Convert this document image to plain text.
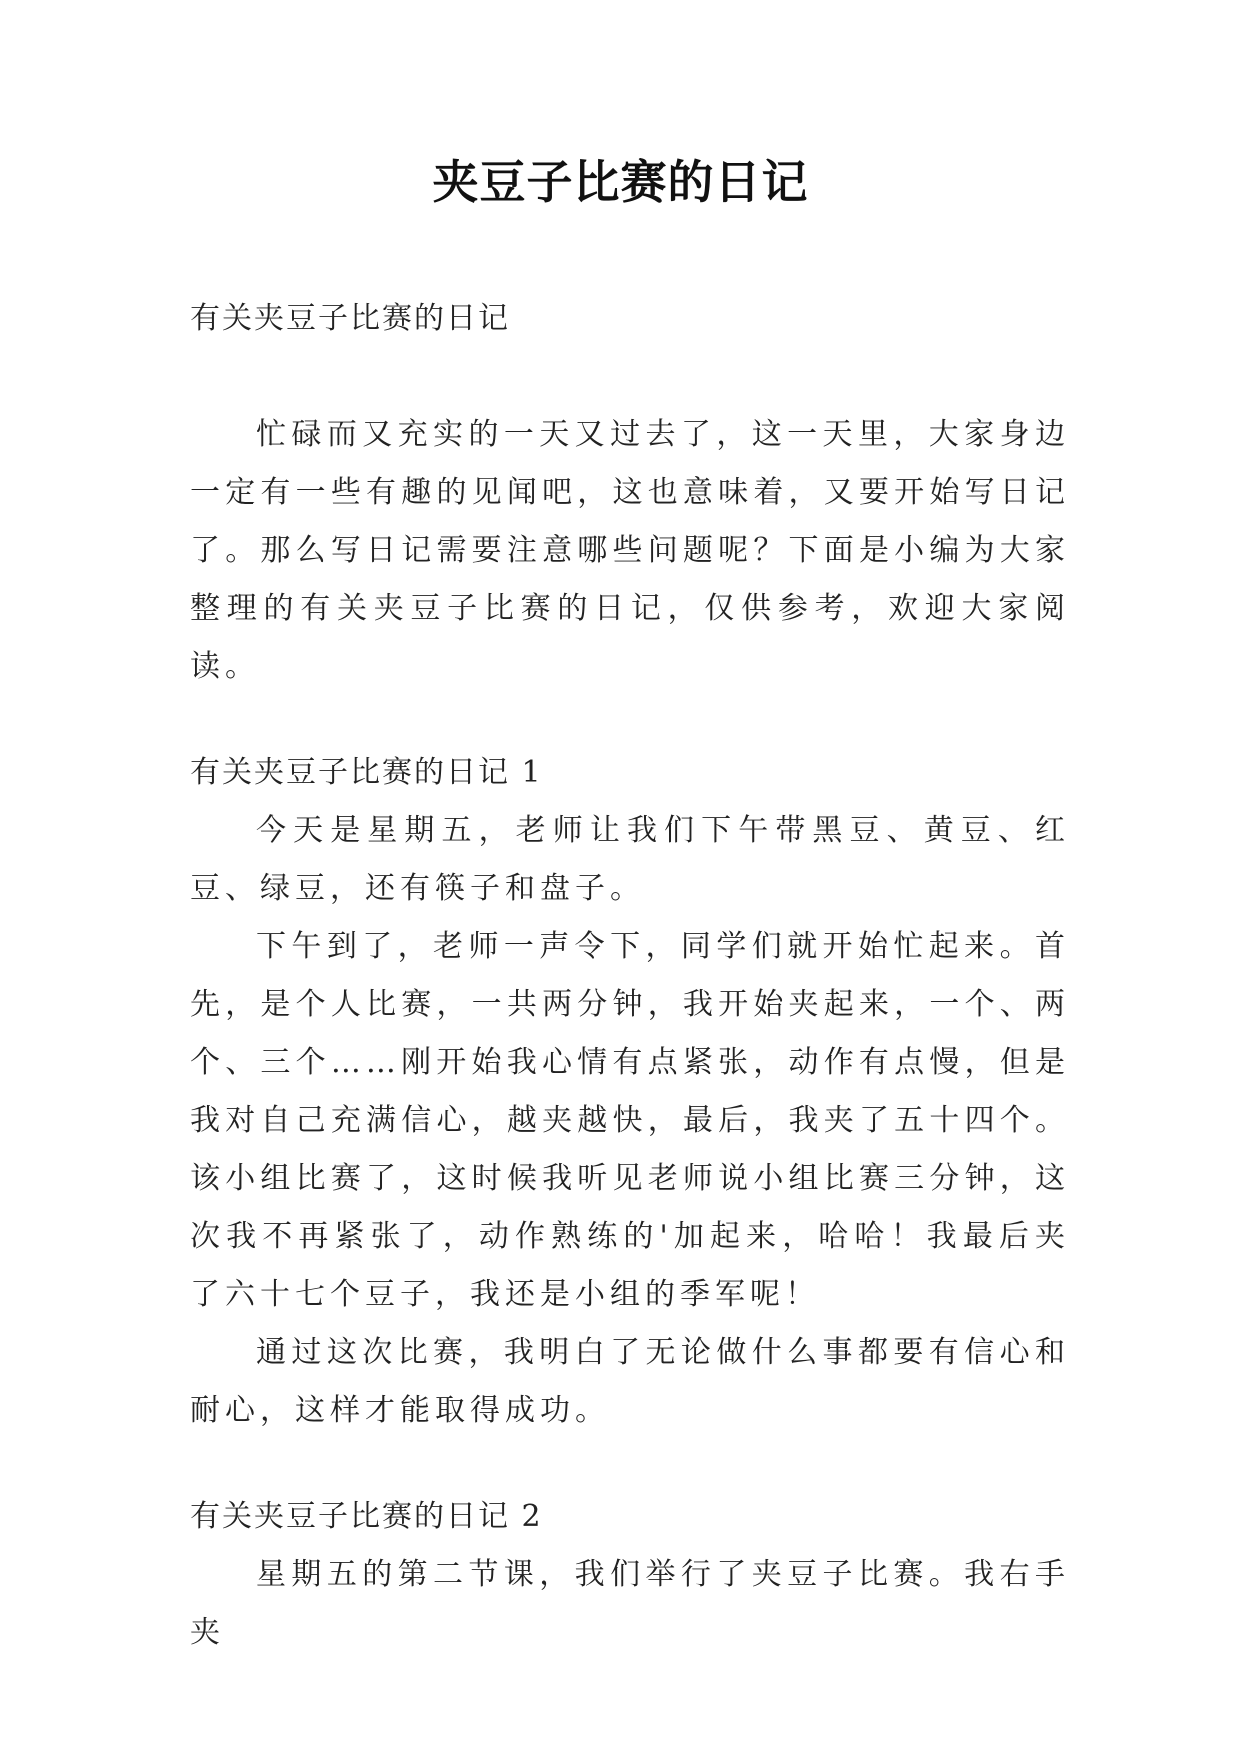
夹豆子比赛的日记

有关夹豆子比赛的日记

忙碌而又充实的一天又过去了，这一天里，大家身边一定有一些有趣的见闻吧，这也意味着，又要开始写日记了。那么写日记需要注意哪些问题呢？下面是小编为大家整理的有关夹豆子比赛的日记，仅供参考，欢迎大家阅读。

有关夹豆子比赛的日记 1

今天是星期五，老师让我们下午带黑豆、黄豆、红豆、绿豆，还有筷子和盘子。

下午到了，老师一声令下，同学们就开始忙起来。首先，是个人比赛，一共两分钟，我开始夹起来，一个、两个、三个……刚开始我心情有点紧张，动作有点慢，但是我对自己充满信心，越夹越快，最后，我夹了五十四个。该小组比赛了，这时候我听见老师说小组比赛三分钟，这次我不再紧张了，动作熟练的'加起来，哈哈！我最后夹了六十七个豆子，我还是小组的季军呢！

通过这次比赛，我明白了无论做什么事都要有信心和耐心，这样才能取得成功。

有关夹豆子比赛的日记 2

星期五的第二节课，我们举行了夹豆子比赛。我右手夹
